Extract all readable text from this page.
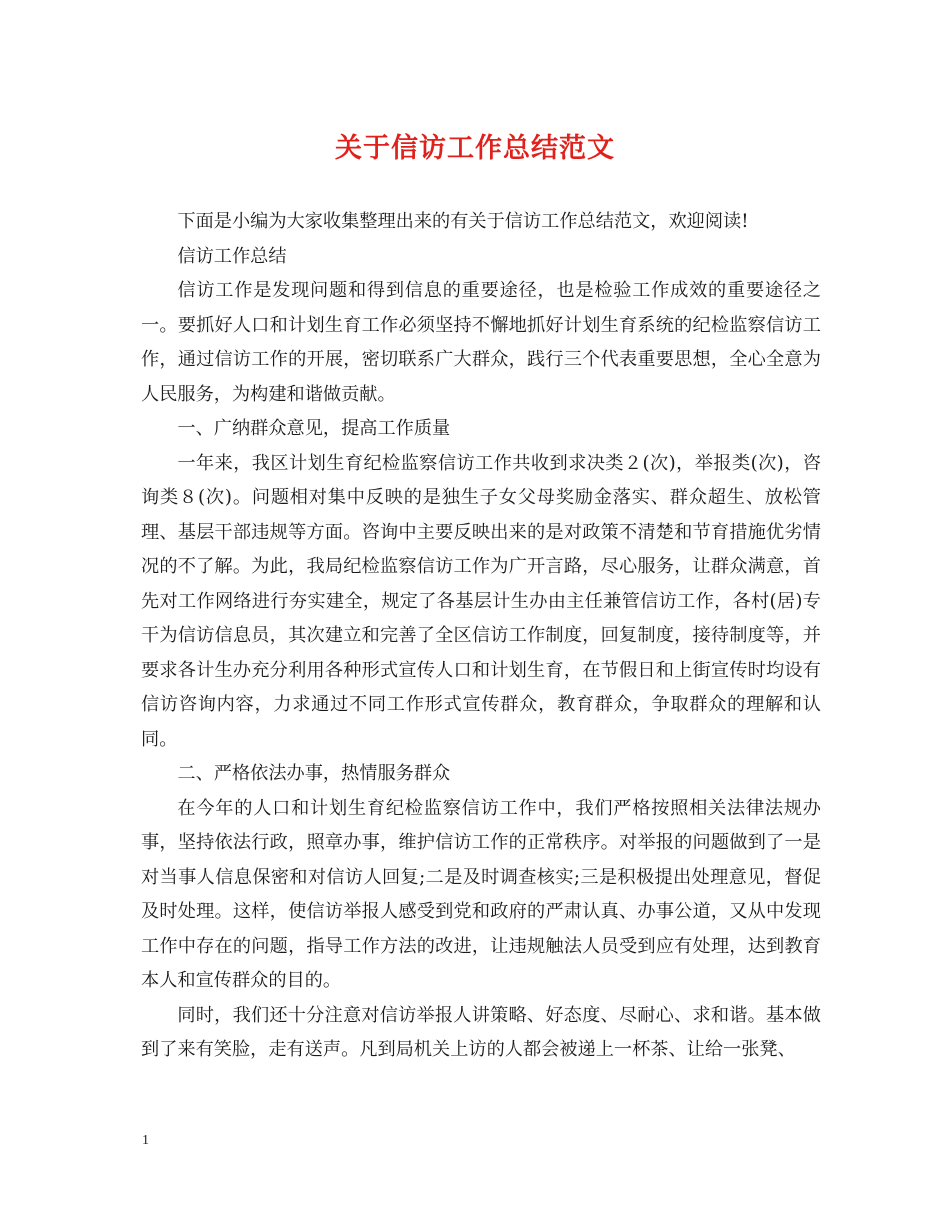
关于信访工作总结范文

下面是小编为大家收集整理出来的有关于信访工作总结范文，欢迎阅读!

信访工作总结

信访工作是发现问题和得到信息的重要途径，也是检验工作成效的重要途径之一。要抓好人口和计划生育工作必须坚持不懈地抓好计划生育系统的纪检监察信访工作，通过信访工作的开展，密切联系广大群众，践行三个代表重要思想，全心全意为人民服务，为构建和谐做贡献。

一、广纳群众意见，提高工作质量

一年来，我区计划生育纪检监察信访工作共收到求决类２(次)，举报类(次)，咨询类８(次)。问题相对集中反映的是独生子女父母奖励金落实、群众超生、放松管理、基层干部违规等方面。咨询中主要反映出来的是对政策不清楚和节育措施优劣情况的不了解。为此，我局纪检监察信访工作为广开言路，尽心服务，让群众满意，首先对工作网络进行夯实建全，规定了各基层计生办由主任兼管信访工作，各村(居)专干为信访信息员，其次建立和完善了全区信访工作制度，回复制度，接待制度等，并要求各计生办充分利用各种形式宣传人口和计划生育，在节假日和上街宣传时均设有信访咨询内容，力求通过不同工作形式宣传群众，教育群众，争取群众的理解和认同。

二、严格依法办事，热情服务群众

在今年的人口和计划生育纪检监察信访工作中，我们严格按照相关法律法规办事，坚持依法行政，照章办事，维护信访工作的正常秩序。对举报的问题做到了一是对当事人信息保密和对信访人回复;二是及时调查核实;三是积极提出处理意见，督促及时处理。这样，使信访举报人感受到党和政府的严肃认真、办事公道，又从中发现工作中存在的问题，指导工作方法的改进，让违规触法人员受到应有处理，达到教育本人和宣传群众的目的。

同时，我们还十分注意对信访举报人讲策略、好态度、尽耐心、求和谐。基本做到了来有笑脸，走有送声。凡到局机关上访的人都会被递上一杯茶、让给一张凳、

1
